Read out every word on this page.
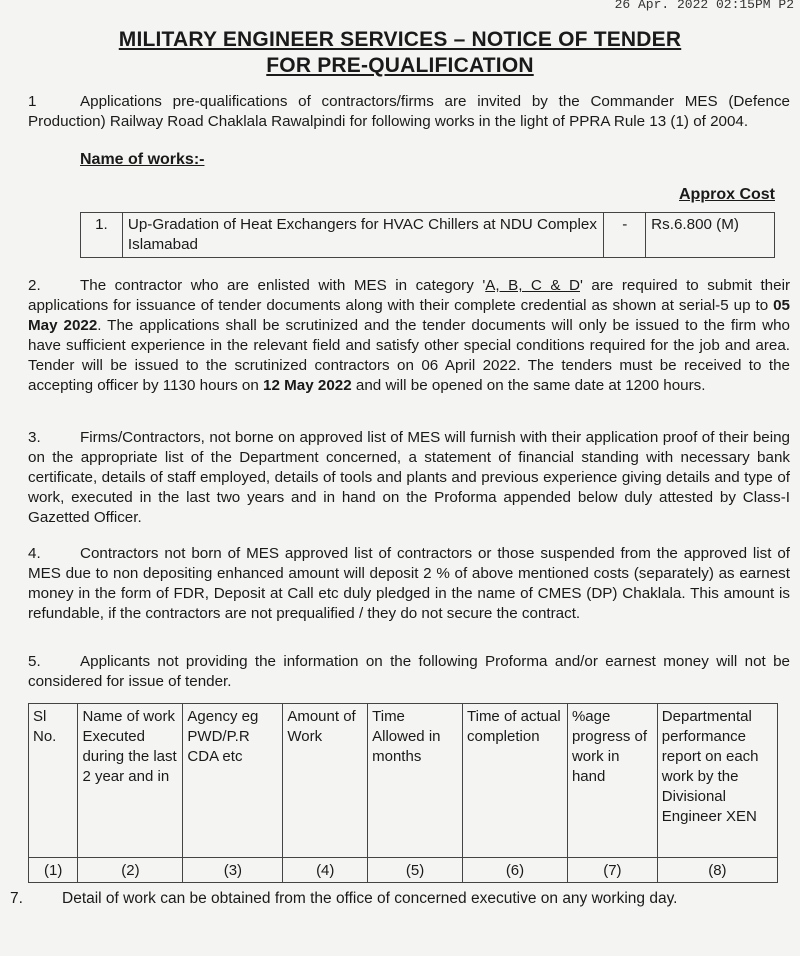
26 Apr. 2022 02:15PM P2
MILITARY ENGINEER SERVICES – NOTICE OF TENDER
FOR PRE-QUALIFICATION
1	Applications pre-qualifications of contractors/firms are invited by the Commander MES (Defence Production) Railway Road Chaklala Rawalpindi for following works in the light of PPRA Rule 13 (1) of 2004.
Name of works:-
Approx Cost
1.	Up-Gradation of Heat Exchangers for HVAC Chillers at NDU Complex Islamabad	-	Rs.6.800 (M)
2.	The contractor who are enlisted with MES in category 'A, B, C & D' are required to submit their applications for issuance of tender documents along with their complete credential as shown at serial-5 up to 05 May 2022. The applications shall be scrutinized and the tender documents will only be issued to the firm who have sufficient experience in the relevant field and satisfy other special conditions required for the job and area. Tender will be issued to the scrutinized contractors on 06 April 2022. The tenders must be received to the accepting officer by 1130 hours on 12 May 2022 and will be opened on the same date at 1200 hours.
3.	Firms/Contractors, not borne on approved list of MES will furnish with their application proof of their being on the appropriate list of the Department concerned, a statement of financial standing with necessary bank certificate, details of staff employed, details of tools and plants and previous experience giving details and type of work, executed in the last two years and in hand on the Proforma appended below duly attested by Class-I Gazetted Officer.
4.	Contractors not born of MES approved list of contractors or those suspended from the approved list of MES due to non depositing enhanced amount will deposit 2 % of above mentioned costs (separately) as earnest money in the form of FDR, Deposit at Call etc duly pledged in the name of CMES (DP) Chaklala. This amount is refundable, if the contractors are not prequalified / they do not secure the contract.
5.	Applicants not providing the information on the following Proforma and/or earnest money will not be considered for issue of tender.
Sl No.	Name of work Executed during the last 2 year and in	Agency eg PWD/P.R CDA etc	Amount of Work	Time Allowed in months	Time of actual completion	%age progress of work in hand	Departmental performance report on each work by the Divisional Engineer XEN
(1)	(2)	(3)	(4)	(5)	(6)	(7)	(8)
7.	Detail of work can be obtained from the office of concerned executive on any working day.
